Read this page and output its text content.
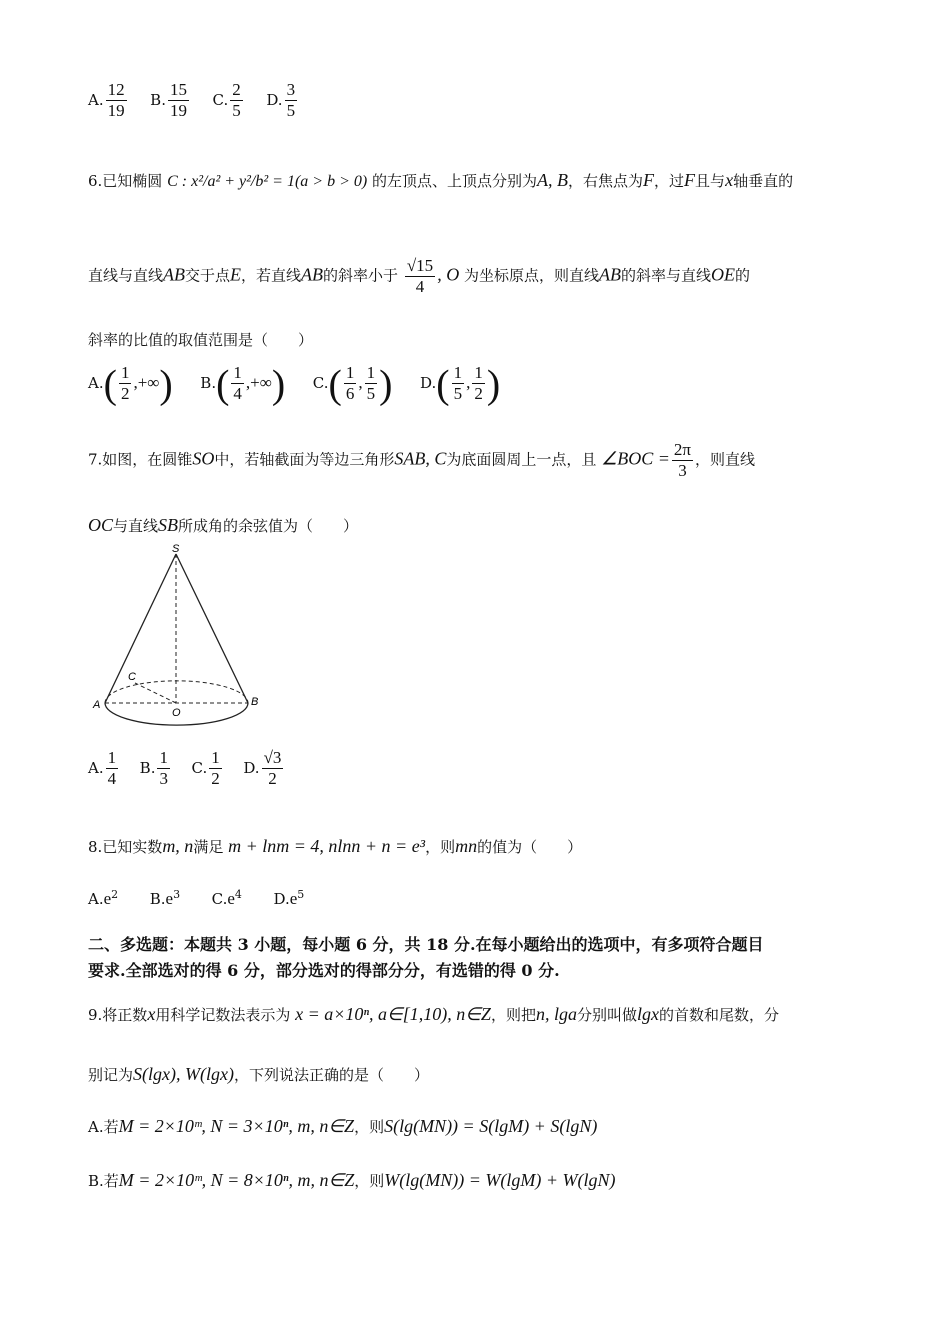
A. $\frac{12}{19} B$. $\frac{15}{19} C$. $\frac{2}{5} D$. $\frac{3}{5}$
6.已知椭圆 C : x²/a² + y²/b² = 1(a > b > 0) 的左顶点、上顶点分别为A, B，右焦点为F，过F且与x轴垂直的
直线与直线AB交于点E，若直线AB的斜率小于 $\frac{√15}{4}$ , O 为坐标原点，则直线AB的斜率与直线OE的
斜率的比值的取值范围是（　　）
$A.( \frac{1}{2}$ ,+∞) $B.( \frac{1}{4}$ ,+∞) $C.( \frac{1}{6}$ , $\frac{1}{5}$ ) $D.( \frac{1}{5}$ , $\frac{1}{2}$ )
7.如图，在圆锥SO中，若轴截面为等边三角形SAB, C为底面圆周上一点，且 ∠BOC = $\frac{2\pi}{3}$ ，则直线
OC与直线SB所成角的余弦值为（　　）
S
A	B
C
O
A. $\frac{1}{4} B$. $\frac{1}{3} C$. $\frac{1}{2} D$. $\frac{√3}{2}$
8.已知实数m, n满足 m + lnm = 4, nlnn + n = e³，则mn的值为（　　）
$A.e^2$ $B.e^3$ $C.e^4$ $D.e^5$
二、多选题：本题共 3 小题，每小题 6 分，共 18 分.在每小题给出的选项中，有多项符合题目
要求.全部选对的得 6 分，部分选对的得部分分，有选错的得 0 分.
9.将正数x用科学记数法表示为 x = a×10ⁿ, a∈[1,10), n∈Z，则把n, lga分别叫做lgx的首数和尾数，分
别记为S(lgx), W(lgx)，下列说法正确的是（　　）
A.若M = 2×10ᵐ, N = 3×10ⁿ, m, n∈Z，则S(lg(MN)) = S(lgM) + S(lgN)
B.若M = 2×10ᵐ, N = 8×10ⁿ, m, n∈Z，则W(lg(MN)) = W(lgM) + W(lgN)
